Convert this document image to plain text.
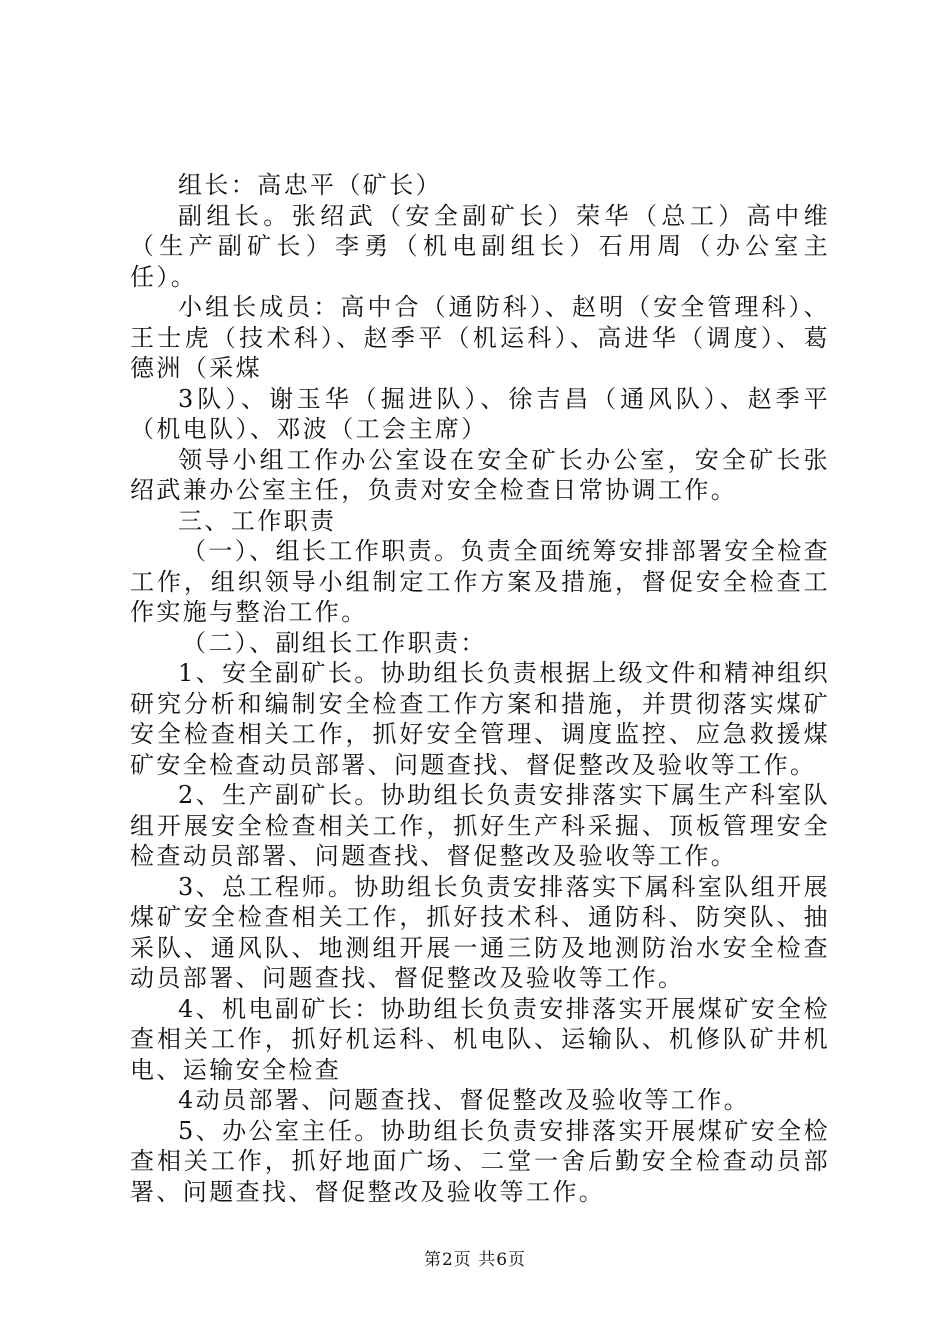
组长：高忠平（矿长）

副组长。张绍武（安全副矿长）荣华（总工）高中维（生产副矿长）李勇（机电副组长）石用周（办公室主任）。

小组长成员：高中合（通防科）、赵明（安全管理科）、王士虎（技术科）、赵季平（机运科）、高进华（调度）、葛德洲（采煤

3队）、谢玉华（掘进队）、徐吉昌（通风队）、赵季平（机电队）、邓波（工会主席）

领导小组工作办公室设在安全矿长办公室，安全矿长张绍武兼办公室主任，负责对安全检查日常协调工作。

三、工作职责

（一）、组长工作职责。负责全面统筹安排部署安全检查工作，组织领导小组制定工作方案及措施，督促安全检查工作实施与整治工作。

（二）、副组长工作职责：

1、安全副矿长。协助组长负责根据上级文件和精神组织研究分析和编制安全检查工作方案和措施，并贯彻落实煤矿安全检查相关工作，抓好安全管理、调度监控、应急救援煤矿安全检查动员部署、问题查找、督促整改及验收等工作。

2、生产副矿长。协助组长负责安排落实下属生产科室队组开展安全检查相关工作，抓好生产科采掘、顶板管理安全检查动员部署、问题查找、督促整改及验收等工作。

3、总工程师。协助组长负责安排落实下属科室队组开展煤矿安全检查相关工作，抓好技术科、通防科、防突队、抽采队、通风队、地测组开展一通三防及地测防治水安全检查动员部署、问题查找、督促整改及验收等工作。

4、机电副矿长：协助组长负责安排落实开展煤矿安全检查相关工作，抓好机运科、机电队、运输队、机修队矿井机电、运输安全检查

4动员部署、问题查找、督促整改及验收等工作。

5、办公室主任。协助组长负责安排落实开展煤矿安全检查相关工作，抓好地面广场、二堂一舍后勤安全检查动员部署、问题查找、督促整改及验收等工作。

第2页 共6页
